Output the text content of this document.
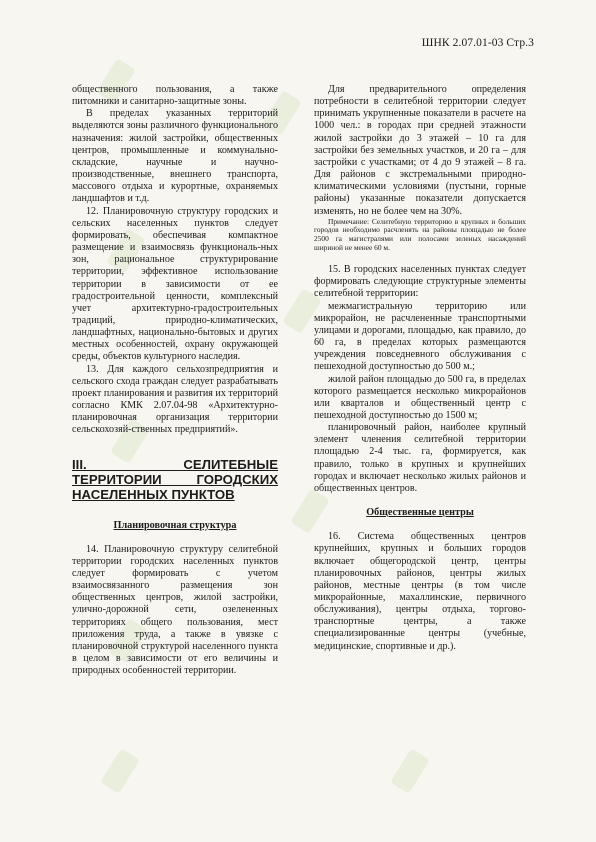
ШНК 2.07.01-03 Стр.3

общественного пользования, а также питомники и санитарно-защитные зоны.

В пределах указанных территорий выделяются зоны различного функционального назначения: жилой застройки, общественных центров, промышленные и коммунально-складские, научные и научно-производственные, внешнего транспорта, массового отдыха и курортные, охраняемых ландшафтов и т.д.

12. Планировочную структуру городских и сельских населенных пунктов следует формировать, обеспечивая компактное размещение и взаимосвязь функциональ-ных зон, рациональное структурирование территории, эффективное использование территории в зависимости от ее градостроительной ценности, комплексный учет архитектурно-градостроительных традиций, природно-климатических, ландшафтных, национально-бытовых и других местных особенностей, охрану окружающей среды, объектов культурного наследия.

13. Для каждого сельхозпредприятия и сельского схода граждан следует разрабатывать проект планирования и развития их территорий согласно КМК 2.07.04-98 «Архитектурно-планировочная организация территории сельскохозяй-ственных предприятий».

III. СЕЛИТЕБНЫЕ ТЕРРИТОРИИ ГОРОДСКИХ НАСЕЛЕННЫХ ПУНКТОВ

Планировочная структура

14. Планировочную структуру селитебной территории городских населенных пунктов следует формировать с учетом взаимосвязанного размещения зон общественных центров, жилой застройки, улично-дорожной сети, озелененных территориях общего пользования, мест приложения труда, а также в увязке с планировочной структурой населенного пункта в целом в зависимости от его величины и природных особенностей территории.

Для предварительного определения потребности в селитебной территории следует принимать укрупненные показатели в расчете на 1000 чел.: в городах при средней этажности жилой застройки до 3 этажей – 10 га для застройки без земельных участков, и 20 га – для застройки с участками; от 4 до 9 этажей – 8 га. Для районов с экстремальными природно-климатическими условиями (пустыни, горные районы) указанные показатели допускается изменять, но не более чем на 30%.

Примечание: Селитебную территорию в крупных и больших городов необходимо расчленять на районы площадью не более 2500 га магистралями или полосами зеленых насаждений шириной не менее 60 м.

15. В городских населенных пунктах следует формировать следующие структурные элементы селитебной территории:

межмагистральную территорию или микрорайон, не расчлененные транспортными улицами и дорогами, площадью, как правило, до 60 га, в пределах которых размещаются учреждения повседневного обслуживания с пешеходной доступностью до 500 м.;

жилой район площадью до 500 га, в пределах которого размещается несколько микрорайонов или кварталов и общественный центр с пешеходной доступностью до 1500 м;

планировочный район, наиболее крупный элемент членения селитебной территории площадью 2-4 тыс. га, формируется, как правило, только в крупных и крупнейших городах и включает несколько жилых районов и общественных центров.

Общественные центры

16. Система общественных центров крупнейших, крупных и больших городов включает общегородской центр, центры планировочных районов, центры жилых районов, местные центры (в том числе микрорайонные, махаллинские, первичного обслуживания), центры отдыха, торгово-транспортные центры, а также специализированные центры (учебные, медицинские, спортивные и др.).
